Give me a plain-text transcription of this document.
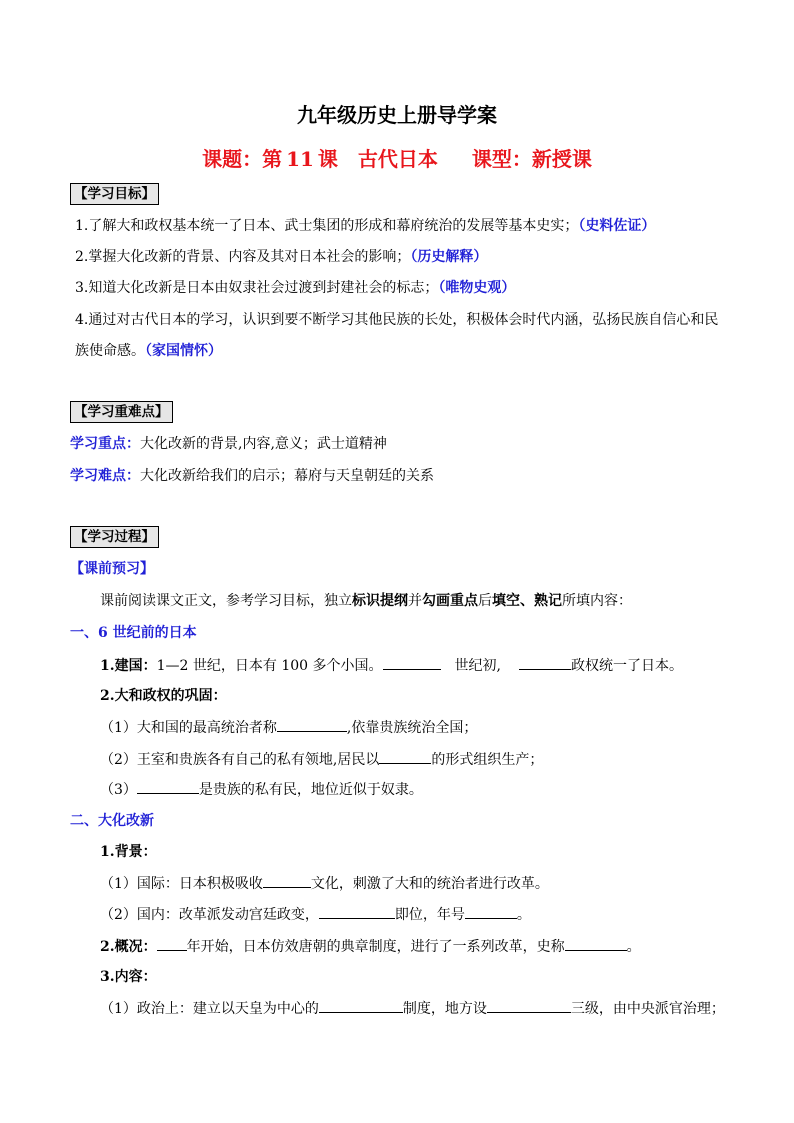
九年级历史上册导学案
课题：第 11 课 古代日本 课型：新授课
【学习目标】
1.了解大和政权基本统一了日本、武士集团的形成和幕府统治的发展等基本史实；（史料佐证）
2.掌握大化改新的背景、内容及其对日本社会的影响；（历史解释）
3.知道大化改新是日本由奴隶社会过渡到封建社会的标志；（唯物史观）
4.通过对古代日本的学习，认识到要不断学习其他民族的长处，积极体会时代内涵，弘扬民族自信心和民
族使命感。（家国情怀）
【学习重难点】
学习重点：大化改新的背景,内容,意义；武士道精神
学习难点：大化改新给我们的启示；幕府与天皇朝廷的关系
【学习过程】
【课前预习】
课前阅读课文正文，参考学习目标，独立标识提纲并勾画重点后填空、熟记所填内容：
一、6 世纪前的日本
1.建国：1—2 世纪，日本有 100 多个小国。	世纪初,	政权统一了日本。
2.大和政权的巩固：
（1）大和国的最高统治者称	,依靠贵族统治全国；
（2）王室和贵族各有自己的私有领地,居民以	的形式组织生产；
（3）	是贵族的私有民，地位近似于奴隶。
二、大化改新
1.背景：
（1）国际：日本积极吸收	文化，刺激了大和的统治者进行改革。
（2）国内：改革派发动宫廷政变，	即位，年号	。
2.概况： 年开始，日本仿效唐朝的典章制度，进行了一系列改革，史称	。
3.内容：
（1）政治上：建立以天皇为中心的	制度，地方设	三级，由中央派官治理；
